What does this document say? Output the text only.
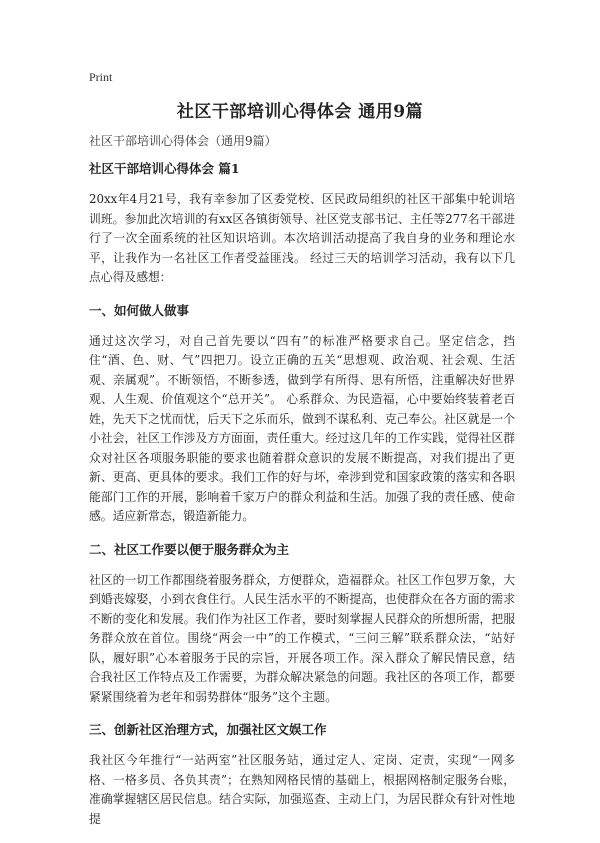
Print
社区干部培训心得体会 通用9篇
社区干部培训心得体会（通用9篇）
社区干部培训心得体会 篇1

20xx年4月21号，我有幸参加了区委党校、区民政局组织的社区干部集中轮训培训班。参加此次培训的有xx区各镇街领导、社区党支部书记、主任等277名干部进行了一次全面系统的社区知识培训。本次培训活动提高了我自身的业务和理论水平，让我作为一名社区工作者受益匪浅。 经过三天的培训学习活动，我有以下几点心得及感想：

一、如何做人做事

通过这次学习，对自己首先要以“四有”的标准严格要求自己。坚定信念，挡住“酒、色、财、气”四把刀。设立正确的五关“思想观、政治观、社会观、生活观、亲属观”。不断领悟，不断参透，做到学有所得、思有所悟，注重解决好世界观、人生观、价值观这个“总开关”。 心系群众、为民造福，心中要始终装着老百姓，先天下之忧而忧，后天下之乐而乐，做到不谋私利、克己奉公。社区就是一个小社会，社区工作涉及方方面面，责任重大。经过这几年的工作实践，觉得社区群众对社区各项服务职能的要求也随着群众意识的发展不断提高，对我们提出了更新、更高、更具体的要求。我们工作的好与坏，牵涉到党和国家政策的落实和各职能部门工作的开展，影响着千家万户的群众利益和生活。加强了我的责任感、使命感。适应新常态，锻造新能力。

二、社区工作要以便于服务群众为主

社区的一切工作都围绕着服务群众，方便群众，造福群众。社区工作包罗万象，大到婚丧嫁娶，小到衣食住行。人民生活水平的不断提高，也使群众在各方面的需求不断的变化和发展。我们作为社区工作者，要时刻掌握人民群众的所想所需，把服务群众放在首位。围绕“两会一中”的工作模式，“三问三解”联系群众法，“站好队，履好职”心本着服务于民的宗旨，开展各项工作。深入群众了解民情民意，结合我社区工作特点及工作需要，为群众解决紧急的问题。我社区的各项工作，都要紧紧围绕着为老年和弱势群体“服务”这个主题。

三、创新社区治理方式，加强社区文娱工作

我社区今年推行“一站两室”社区服务站，通过定人、定岗、定责，实现“一网多格、一格多员、各负其责”；在熟知网格民情的基础上，根据网格制定服务台账，准确掌握辖区居民信息。结合实际，加强巡查、主动上门，为居民群众有针对性地提
